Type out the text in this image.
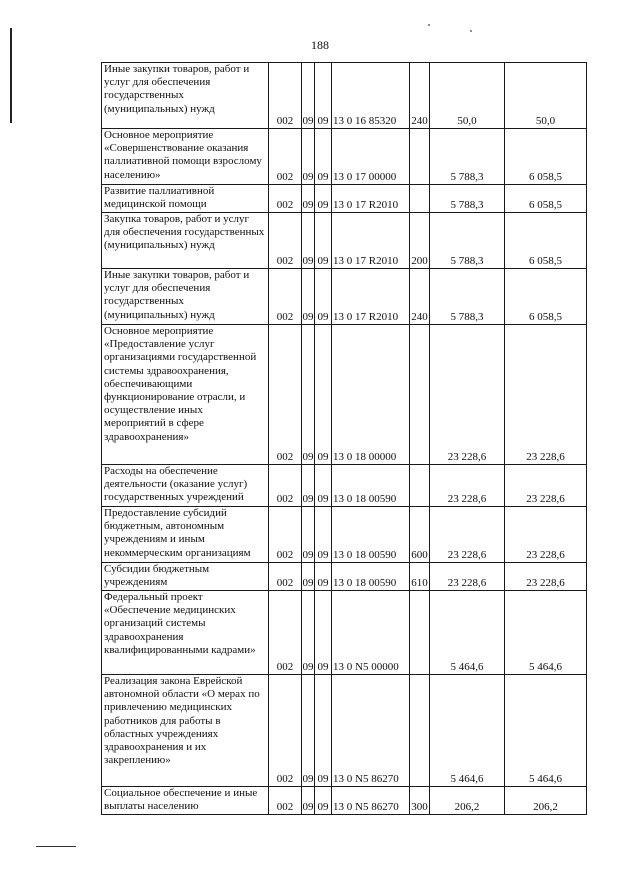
188
Иные закупки товаров, работ и услуг для обеспечения государственных (муниципальных) нужд	002	09	09	13 0 16 85320	240	50,0	50,0
Основное мероприятие «Совершенствование оказания паллиативной помощи взрослому населению»	002	09	09	13 0 17 00000		5 788,3	6 058,5
Развитие паллиативной медицинской помощи	002	09	09	13 0 17 R2010		5 788,3	6 058,5
Закупка товаров, работ и услуг для обеспечения государственных (муниципальных) нужд	002	09	09	13 0 17 R2010	200	5 788,3	6 058,5
Иные закупки товаров, работ и услуг для обеспечения государственных (муниципальных) нужд	002	09	09	13 0 17 R2010	240	5 788,3	6 058,5
Основное мероприятие «Предоставление услуг организациями государственной системы здравоохранения, обеспечивающими функционирование отрасли, и осуществление иных мероприятий в сфере здравоохранения»	002	09	09	13 0 18 00000		23 228,6	23 228,6
Расходы на обеспечение деятельности (оказание услуг) государственных учреждений	002	09	09	13 0 18 00590		23 228,6	23 228,6
Предоставление субсидий бюджетным, автономным учреждениям и иным некоммерческим организациям	002	09	09	13 0 18 00590	600	23 228,6	23 228,6
Субсидии бюджетным учреждениям	002	09	09	13 0 18 00590	610	23 228,6	23 228,6
Федеральный проект «Обеспечение медицинских организаций системы здравоохранения квалифицированными кадрами»	002	09	09	13 0 N5 00000		5 464,6	5 464,6
Реализация закона Еврейской автономной области «О мерах по привлечению медицинских работников для работы в областных учреждениях здравоохранения и их закреплению»	002	09	09	13 0 N5 86270		5 464,6	5 464,6
Социальное обеспечение и иные выплаты населению	002	09	09	13 0 N5 86270	300	206,2	206,2
